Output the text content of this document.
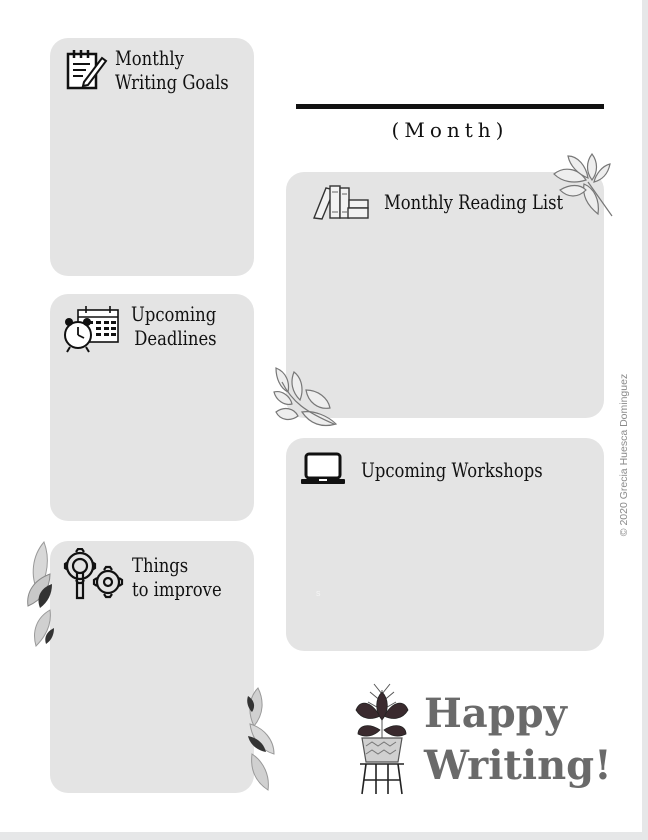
Monthly
Writing Goals
Upcoming
Deadlines
Things
to improve
(Month)
Monthly Reading List
Upcoming Workshops
s
© 2020 Grecia Huesca Dominguez
Happy
Writing!
